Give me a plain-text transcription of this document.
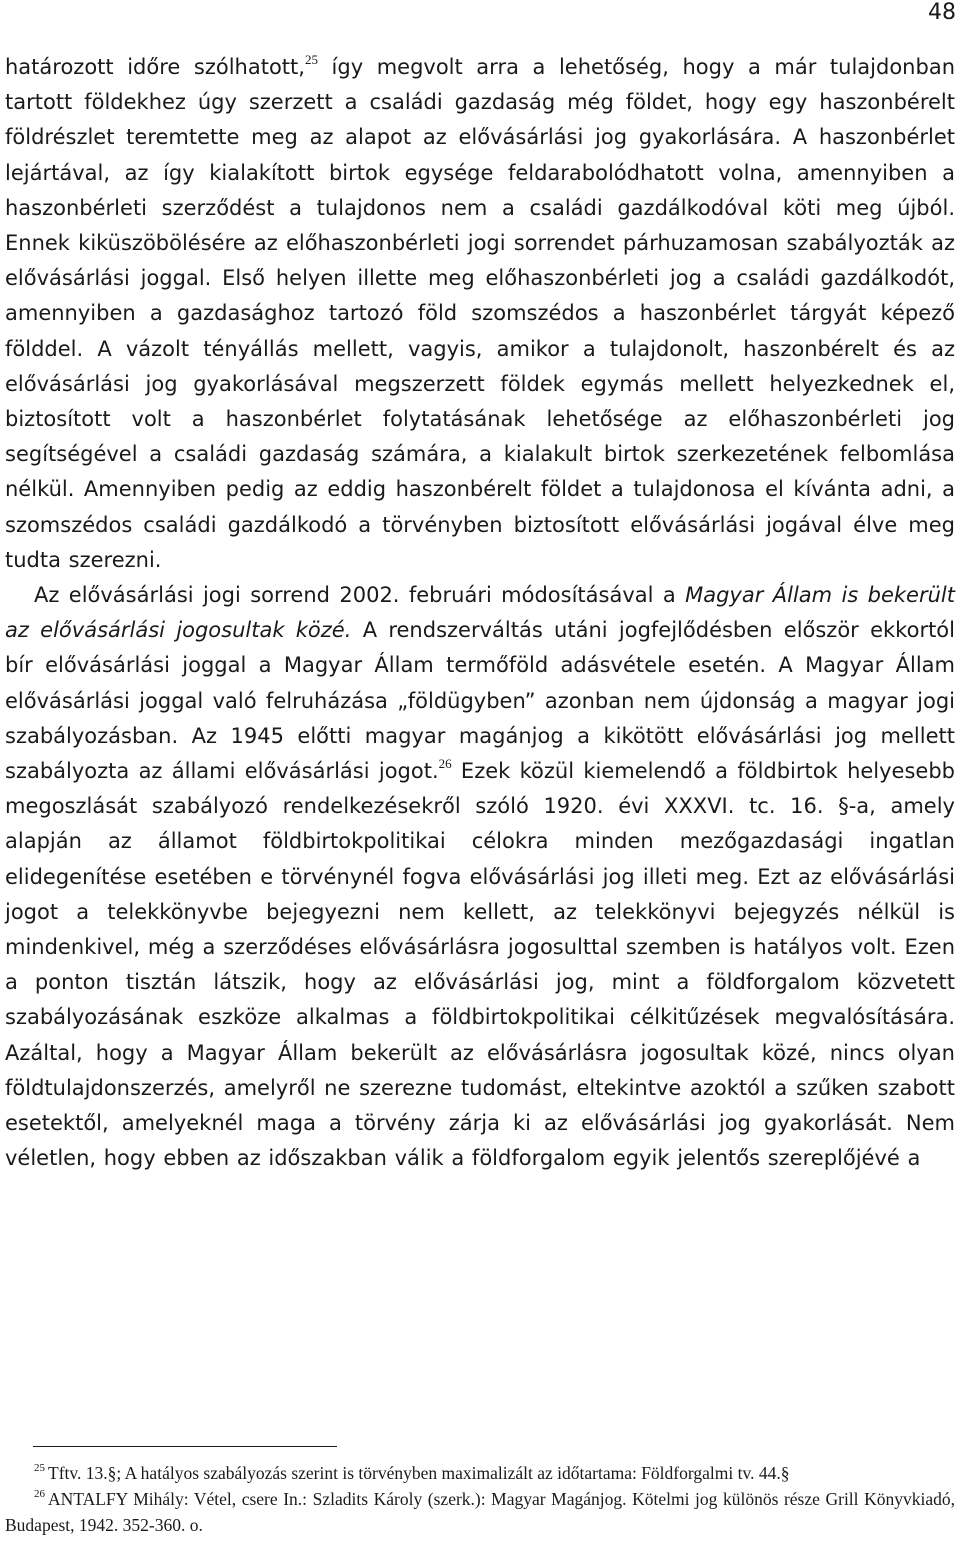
48

határozott időre szólhatott,$^{25}$ így megvolt arra a lehetőség, hogy a már tulajdonban tartott földekhez úgy szerzett a családi gazdaság még földet, hogy egy haszonbérelt földrészlet teremtette meg az alapot az elővásárlási jog gyakorlására. A haszonbérlet lejártával, az így kialakított birtok egysége feldarabolódhatott volna, amennyiben a haszonbérleti szerződést a tulajdonos nem a családi gazdálkodóval köti meg újból. Ennek kiküszöbölésére az előhaszonbérleti jogi sorrendet párhuzamosan szabályozták az elővásárlási joggal. Első helyen illette meg előhaszonbérleti jog a családi gazdálkodót, amennyiben a gazdasághoz tartozó föld szomszédos a haszonbérlet tárgyát képező földdel. A vázolt tényállás mellett, vagyis, amikor a tulajdonolt, haszonbérelt és az elővásárlási jog gyakorlásával megszerzett földek egymás mellett helyezkednek el, biztosított volt a haszonbérlet folytatásának lehetősége az előhaszonbérleti jog segítségével a családi gazdaság számára, a kialakult birtok szerkezetének felbomlása nélkül. Amennyiben pedig az eddig haszonbérelt földet a tulajdonosa el kívánta adni, a szomszédos családi gazdálkodó a törvényben biztosított elővásárlási jogával élve meg tudta szerezni.

Az elővásárlási jogi sorrend 2002. februári módosításával a Magyar Állam is bekerült az elővásárlási jogosultak közé. A rendszerváltás utáni jogfejlődésben először ekkortól bír elővásárlási joggal a Magyar Állam termőföld adásvétele esetén. A Magyar Állam elővásárlási joggal való felruházása „földügyben” azonban nem újdonság a magyar jogi szabályozásban. Az 1945 előtti magyar magánjog a kikötött elővásárlási jog mellett szabályozta az állami elővásárlási jogot.$^{26}$ Ezek közül kiemelendő a földbirtok helyesebb megoszlását szabályozó rendelkezésekről szóló 1920. évi XXXVI. tc. 16. §-a, amely alapján az államot földbirtokpolitikai célokra minden mezőgazdasági ingatlan elidegenítése esetében e törvénynél fogva elővásárlási jog illeti meg. Ezt az elővásárlási jogot a telekkönyvbe bejegyezni nem kellett, az telekkönyvi bejegyzés nélkül is mindenkivel, még a szerződéses elővásárlásra jogosulttal szemben is hatályos volt. Ezen a ponton tisztán látszik, hogy az elővásárlási jog, mint a földforgalom közvetett szabályozásának eszköze alkalmas a földbirtokpolitikai célkitűzések megvalósítására. Azáltal, hogy a Magyar Állam bekerült az elővásárlásra jogosultak közé, nincs olyan földtulajdonszerzés, amelyről ne szerezne tudomást, eltekintve azoktól a szűken szabott esetektől, amelyeknél maga a törvény zárja ki az elővásárlási jog gyakorlását. Nem véletlen, hogy ebben az időszakban válik a földforgalom egyik jelentős szereplőjévé a

$^{25}$ Tftv. 13.§; A hatályos szabályozás szerint is törvényben maximalizált az időtartama: Földforgalmi tv. 44.§

$^{26}$ ANTALFY Mihály: Vétel, csere In.: Szladits Károly (szerk.): Magyar Magánjog. Kötelmi jog különös része Grill Könyvkiadó, Budapest, 1942. 352-360. o.
